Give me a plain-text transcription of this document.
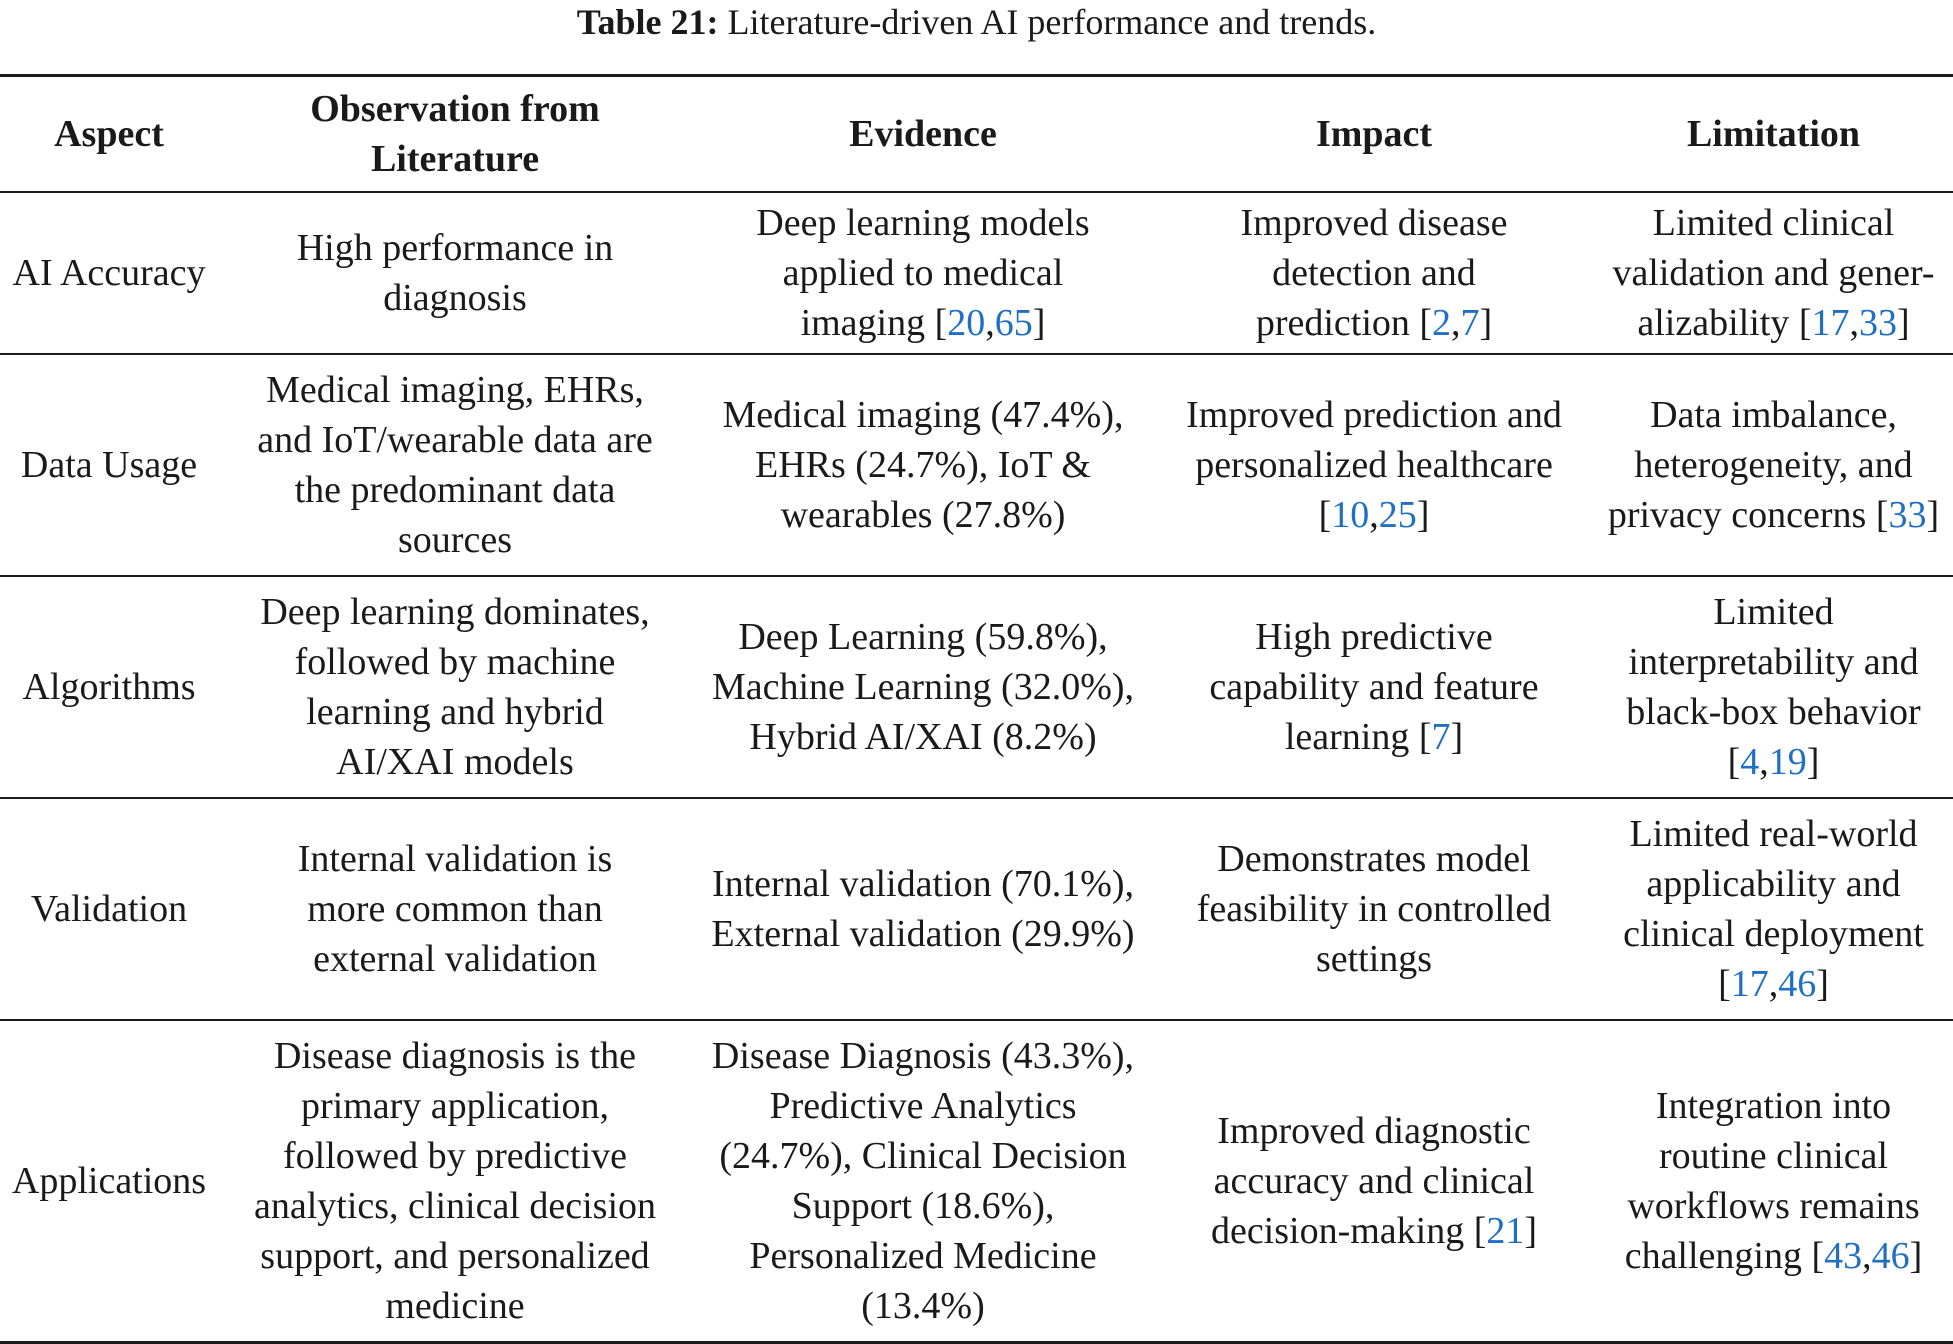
Table 21: Literature-driven AI performance and trends.
Aspect	Observation from Literature	Evidence	Impact	Limitation
AI Accuracy	High performance in diagnosis	Deep learning models applied to medical imaging [20,65]	Improved disease detection and prediction [2,7]	Limited clinical validation and gener-alizability [17,33]
Data Usage	Medical imaging, EHRs, and IoT/wearable data are the predominant data sources	Medical imaging (47.4%), EHRs (24.7%), IoT & wearables (27.8%)	Improved prediction and personalized healthcare [10,25]	Data imbalance, heterogeneity, and privacy concerns [33]
Algorithms	Deep learning dominates, followed by machine learning and hybrid AI/XAI models	Deep Learning (59.8%), Machine Learning (32.0%), Hybrid AI/XAI (8.2%)	High predictive capability and feature learning [7]	Limited interpretability and black-box behavior [4,19]
Validation	Internal validation is more common than external validation	Internal validation (70.1%), External validation (29.9%)	Demonstrates model feasibility in controlled settings	Limited real-world applicability and clinical deployment [17,46]
Applications	Disease diagnosis is the primary application, followed by predictive analytics, clinical decision support, and personalized medicine	Disease Diagnosis (43.3%), Predictive Analytics (24.7%), Clinical Decision Support (18.6%), Personalized Medicine (13.4%)	Improved diagnostic accuracy and clinical decision-making [21]	Integration into routine clinical workflows remains challenging [43,46]
